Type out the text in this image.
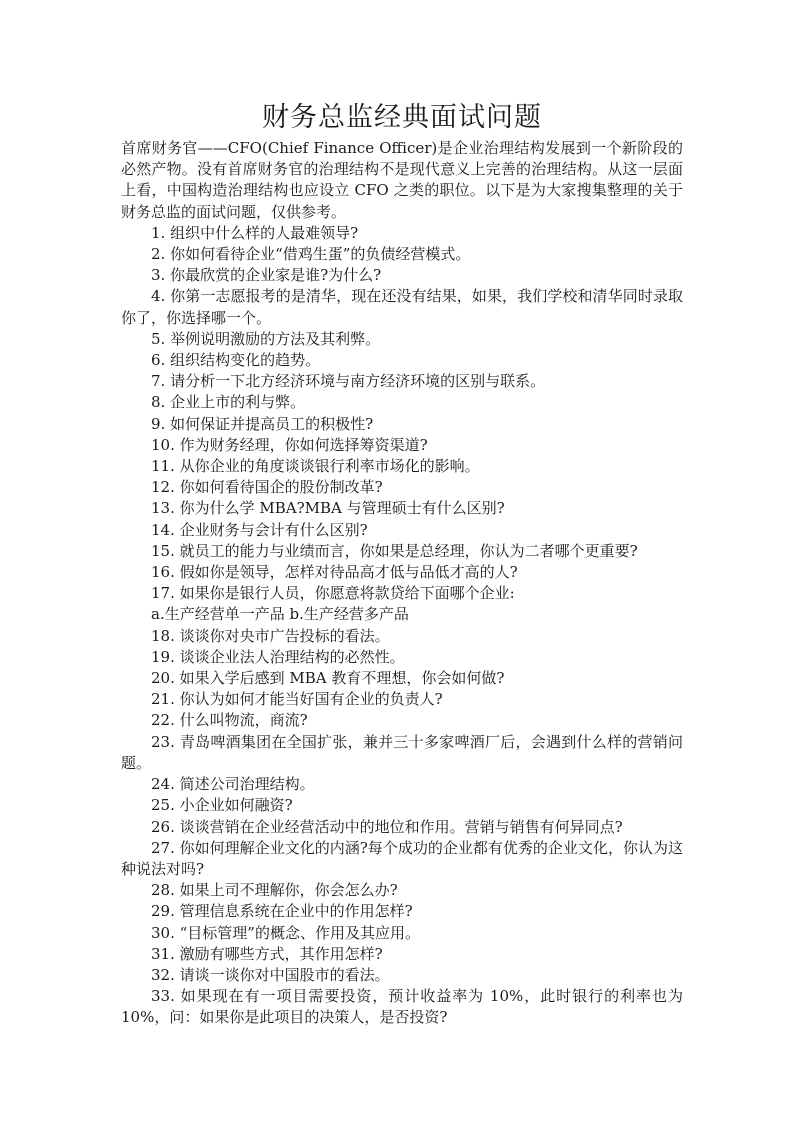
财务总监经典面试问题

首席财务官——CFO(Chief Finance Officer)是企业治理结构发展到一个新阶段的必然产物。没有首席财务官的治理结构不是现代意义上完善的治理结构。从这一层面上看，中国构造治理结构也应设立 CFO 之类的职位。以下是为大家搜集整理的关于财务总监的面试问题，仅供参考。

1. 组织中什么样的人最难领导?

2. 你如何看待企业“借鸡生蛋”的负债经营模式。

3. 你最欣赏的企业家是谁?为什么?

4. 你第一志愿报考的是清华，现在还没有结果，如果，我们学校和清华同时录取你了，你选择哪一个。

5. 举例说明激励的方法及其利弊。

6. 组织结构变化的趋势。

7. 请分析一下北方经济环境与南方经济环境的区别与联系。

8. 企业上市的利与弊。

9. 如何保证并提高员工的积极性?

10. 作为财务经理，你如何选择筹资渠道?

11. 从你企业的角度谈谈银行利率市场化的影响。

12. 你如何看待国企的股份制改革?

13. 你为什么学 MBA?MBA 与管理硕士有什么区别?

14. 企业财务与会计有什么区别?

15. 就员工的能力与业绩而言，你如果是总经理，你认为二者哪个更重要?

16. 假如你是领导，怎样对待品高才低与品低才高的人?

17. 如果你是银行人员，你愿意将款贷给下面哪个企业:

a.生产经营单一产品 b.生产经营多产品

18. 谈谈你对央市广告投标的看法。

19. 谈谈企业法人治理结构的必然性。

20. 如果入学后感到 MBA 教育不理想，你会如何做?

21. 你认为如何才能当好国有企业的负责人?

22. 什么叫物流，商流?

23. 青岛啤酒集团在全国扩张，兼并三十多家啤酒厂后，会遇到什么样的营销问题。

24. 简述公司治理结构。

25. 小企业如何融资?

26. 谈谈营销在企业经营活动中的地位和作用。营销与销售有何异同点?

27. 你如何理解企业文化的内涵?每个成功的企业都有优秀的企业文化，你认为这种说法对吗?

28. 如果上司不理解你，你会怎么办?

29. 管理信息系统在企业中的作用怎样?

30. “目标管理”的概念、作用及其应用。

31. 激励有哪些方式，其作用怎样?

32. 请谈一谈你对中国股市的看法。

33. 如果现在有一项目需要投资，预计收益率为 10%，此时银行的利率也为 10%，问：如果你是此项目的决策人，是否投资?
